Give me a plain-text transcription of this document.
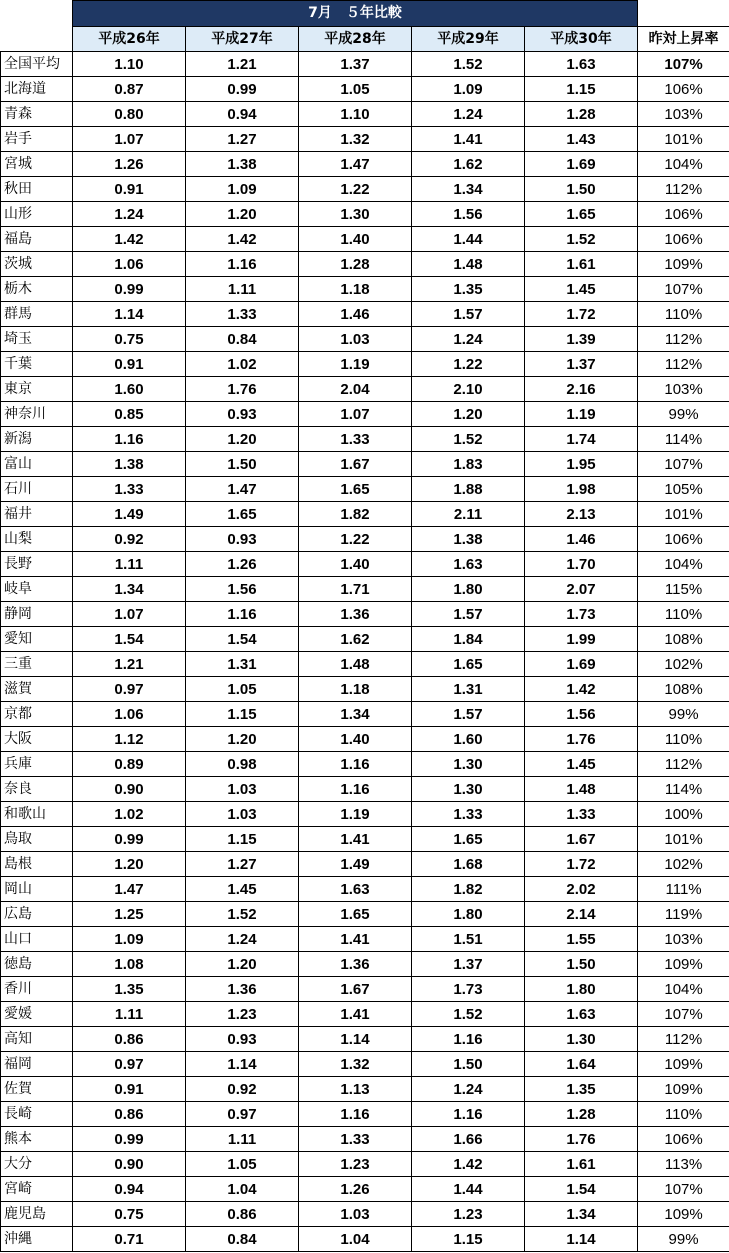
	7月　５年比較					
	平成26年	平成27年	平成28年	平成29年	平成30年	昨対上昇率
全国平均	1.10	1.21	1.37	1.52	1.63	107%
北海道	0.87	0.99	1.05	1.09	1.15	106%
青森	0.80	0.94	1.10	1.24	1.28	103%
岩手	1.07	1.27	1.32	1.41	1.43	101%
宮城	1.26	1.38	1.47	1.62	1.69	104%
秋田	0.91	1.09	1.22	1.34	1.50	112%
山形	1.24	1.20	1.30	1.56	1.65	106%
福島	1.42	1.42	1.40	1.44	1.52	106%
茨城	1.06	1.16	1.28	1.48	1.61	109%
栃木	0.99	1.11	1.18	1.35	1.45	107%
群馬	1.14	1.33	1.46	1.57	1.72	110%
埼玉	0.75	0.84	1.03	1.24	1.39	112%
千葉	0.91	1.02	1.19	1.22	1.37	112%
東京	1.60	1.76	2.04	2.10	2.16	103%
神奈川	0.85	0.93	1.07	1.20	1.19	99%
新潟	1.16	1.20	1.33	1.52	1.74	114%
富山	1.38	1.50	1.67	1.83	1.95	107%
石川	1.33	1.47	1.65	1.88	1.98	105%
福井	1.49	1.65	1.82	2.11	2.13	101%
山梨	0.92	0.93	1.22	1.38	1.46	106%
長野	1.11	1.26	1.40	1.63	1.70	104%
岐阜	1.34	1.56	1.71	1.80	2.07	115%
静岡	1.07	1.16	1.36	1.57	1.73	110%
愛知	1.54	1.54	1.62	1.84	1.99	108%
三重	1.21	1.31	1.48	1.65	1.69	102%
滋賀	0.97	1.05	1.18	1.31	1.42	108%
京都	1.06	1.15	1.34	1.57	1.56	99%
大阪	1.12	1.20	1.40	1.60	1.76	110%
兵庫	0.89	0.98	1.16	1.30	1.45	112%
奈良	0.90	1.03	1.16	1.30	1.48	114%
和歌山	1.02	1.03	1.19	1.33	1.33	100%
鳥取	0.99	1.15	1.41	1.65	1.67	101%
島根	1.20	1.27	1.49	1.68	1.72	102%
岡山	1.47	1.45	1.63	1.82	2.02	111%
広島	1.25	1.52	1.65	1.80	2.14	119%
山口	1.09	1.24	1.41	1.51	1.55	103%
徳島	1.08	1.20	1.36	1.37	1.50	109%
香川	1.35	1.36	1.67	1.73	1.80	104%
愛媛	1.11	1.23	1.41	1.52	1.63	107%
高知	0.86	0.93	1.14	1.16	1.30	112%
福岡	0.97	1.14	1.32	1.50	1.64	109%
佐賀	0.91	0.92	1.13	1.24	1.35	109%
長崎	0.86	0.97	1.16	1.16	1.28	110%
熊本	0.99	1.11	1.33	1.66	1.76	106%
大分	0.90	1.05	1.23	1.42	1.61	113%
宮崎	0.94	1.04	1.26	1.44	1.54	107%
鹿児島	0.75	0.86	1.03	1.23	1.34	109%
沖縄	0.71	0.84	1.04	1.15	1.14	99%
